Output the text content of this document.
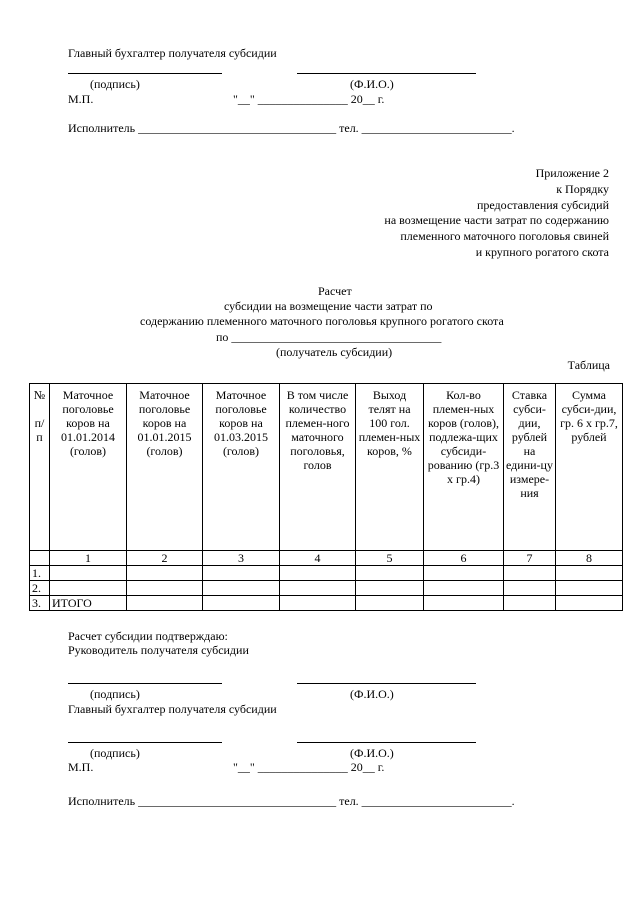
Главный бухгалтер получателя субсидии
(подпись)	(Ф.И.О.)
М.П.	"__" _______________ 20__ г.
Исполнитель _________________________________ тел. _________________________.
Приложение 2
к Порядку
предоставления субсидий
на возмещение части затрат по содержанию
племенного маточного поголовья свиней
и крупного рогатого скота
Расчет
субсидии на возмещение части затрат по
содержанию племенного маточного поголовья крупного рогатого скота
по ___________________________________
(получатель субсидии)
Таблица
№

п/
п	Маточное поголовье коров на 01.01.2014 (голов)	Маточное поголовье коров на 01.01.2015 (голов)	Маточное поголовье коров на 01.03.2015 (голов)	В том числе количество племен-ного маточного поголовья, голов	Выход телят на 100 гол. племен-ных коров, %	Кол-во племен-ных коров (голов), подлежа-щих субсиди-рованию (гр.3 х гр.4)	Ставка субси-дии, рублей на едини-цу измере-ния	Сумма субси-дии, гр. 6 х гр.7, рублей
	1	2	3	4	5	6	7	8
1.								
2.								
3.	ИТОГО							
Расчет субсидии подтверждаю:
Руководитель получателя субсидии
(подпись)	(Ф.И.О.)
Главный бухгалтер получателя субсидии
(подпись)	(Ф.И.О.)
М.П.	"__" _______________ 20__ г.
Исполнитель _________________________________ тел. _________________________.
